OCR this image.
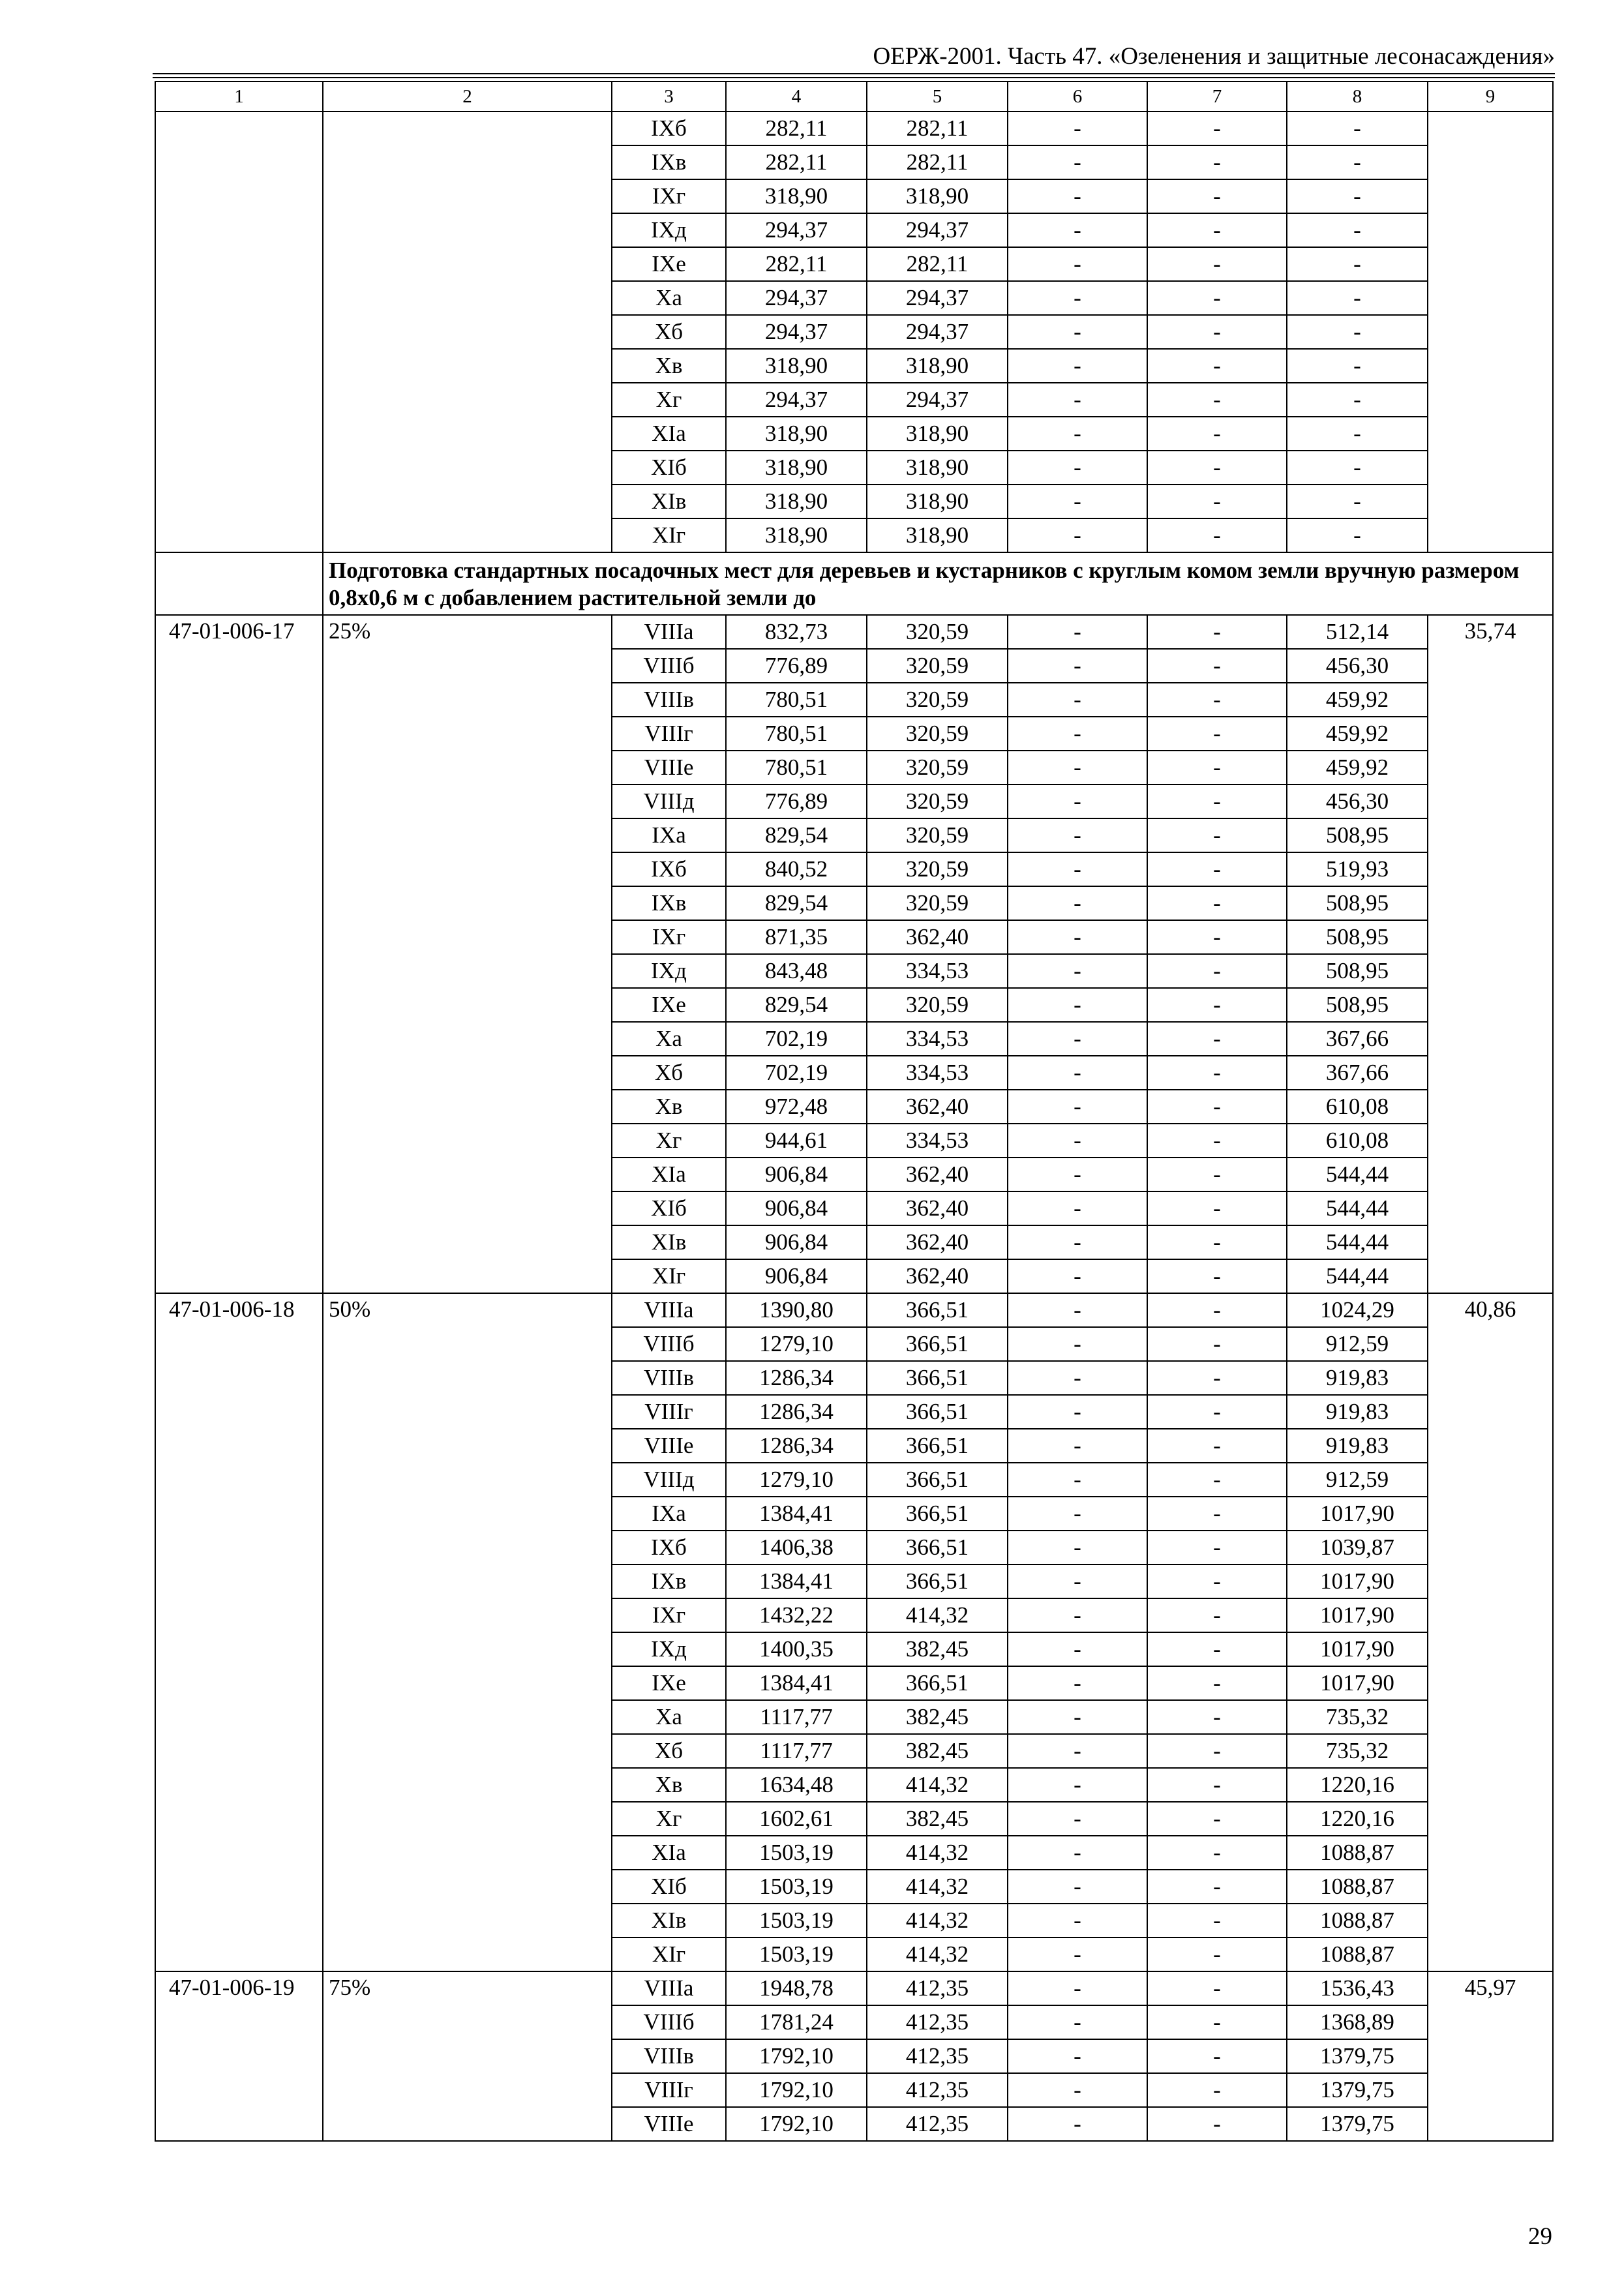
ОЕРЖ-2001. Часть 47. «Озеленения и защитные лесонасаждения»
1	2	3	4	5	6	7	8	9
		IXб	282,11	282,11	-	-	-	
		IXв	282,11	282,11	-	-	-	
		IXг	318,90	318,90	-	-	-	
		IXд	294,37	294,37	-	-	-	
		IXе	282,11	282,11	-	-	-	
		Xа	294,37	294,37	-	-	-	
		Xб	294,37	294,37	-	-	-	
		Xв	318,90	318,90	-	-	-	
		Xг	294,37	294,37	-	-	-	
		XIа	318,90	318,90	-	-	-	
		XIб	318,90	318,90	-	-	-	
		XIв	318,90	318,90	-	-	-	
		XIг	318,90	318,90	-	-	-	
	Подготовка стандартных посадочных мест для деревьев и кустарников с круглым комом земли вручную размером 0,8x0,6 м с добавлением растительной земли до							
47-01-006-17	25%	VIIIа	832,73	320,59	-	-	512,14	35,74
		VIIIб	776,89	320,59	-	-	456,30	
		VIIIв	780,51	320,59	-	-	459,92	
		VIIIг	780,51	320,59	-	-	459,92	
		VIIIе	780,51	320,59	-	-	459,92	
		VIIIд	776,89	320,59	-	-	456,30	
		IXа	829,54	320,59	-	-	508,95	
		IXб	840,52	320,59	-	-	519,93	
		IXв	829,54	320,59	-	-	508,95	
		IXг	871,35	362,40	-	-	508,95	
		IXд	843,48	334,53	-	-	508,95	
		IXе	829,54	320,59	-	-	508,95	
		Xа	702,19	334,53	-	-	367,66	
		Xб	702,19	334,53	-	-	367,66	
		Xв	972,48	362,40	-	-	610,08	
		Xг	944,61	334,53	-	-	610,08	
		XIа	906,84	362,40	-	-	544,44	
		XIб	906,84	362,40	-	-	544,44	
		XIв	906,84	362,40	-	-	544,44	
		XIг	906,84	362,40	-	-	544,44	
47-01-006-18	50%	VIIIа	1390,80	366,51	-	-	1024,29	40,86
		VIIIб	1279,10	366,51	-	-	912,59	
		VIIIв	1286,34	366,51	-	-	919,83	
		VIIIг	1286,34	366,51	-	-	919,83	
		VIIIе	1286,34	366,51	-	-	919,83	
		VIIIд	1279,10	366,51	-	-	912,59	
		IXа	1384,41	366,51	-	-	1017,90	
		IXб	1406,38	366,51	-	-	1039,87	
		IXв	1384,41	366,51	-	-	1017,90	
		IXг	1432,22	414,32	-	-	1017,90	
		IXд	1400,35	382,45	-	-	1017,90	
		IXе	1384,41	366,51	-	-	1017,90	
		Xа	1117,77	382,45	-	-	735,32	
		Xб	1117,77	382,45	-	-	735,32	
		Xв	1634,48	414,32	-	-	1220,16	
		Xг	1602,61	382,45	-	-	1220,16	
		XIа	1503,19	414,32	-	-	1088,87	
		XIб	1503,19	414,32	-	-	1088,87	
		XIв	1503,19	414,32	-	-	1088,87	
		XIг	1503,19	414,32	-	-	1088,87	
47-01-006-19	75%	VIIIа	1948,78	412,35	-	-	1536,43	45,97
		VIIIб	1781,24	412,35	-	-	1368,89	
		VIIIв	1792,10	412,35	-	-	1379,75	
		VIIIг	1792,10	412,35	-	-	1379,75	
		VIIIе	1792,10	412,35	-	-	1379,75	
29
